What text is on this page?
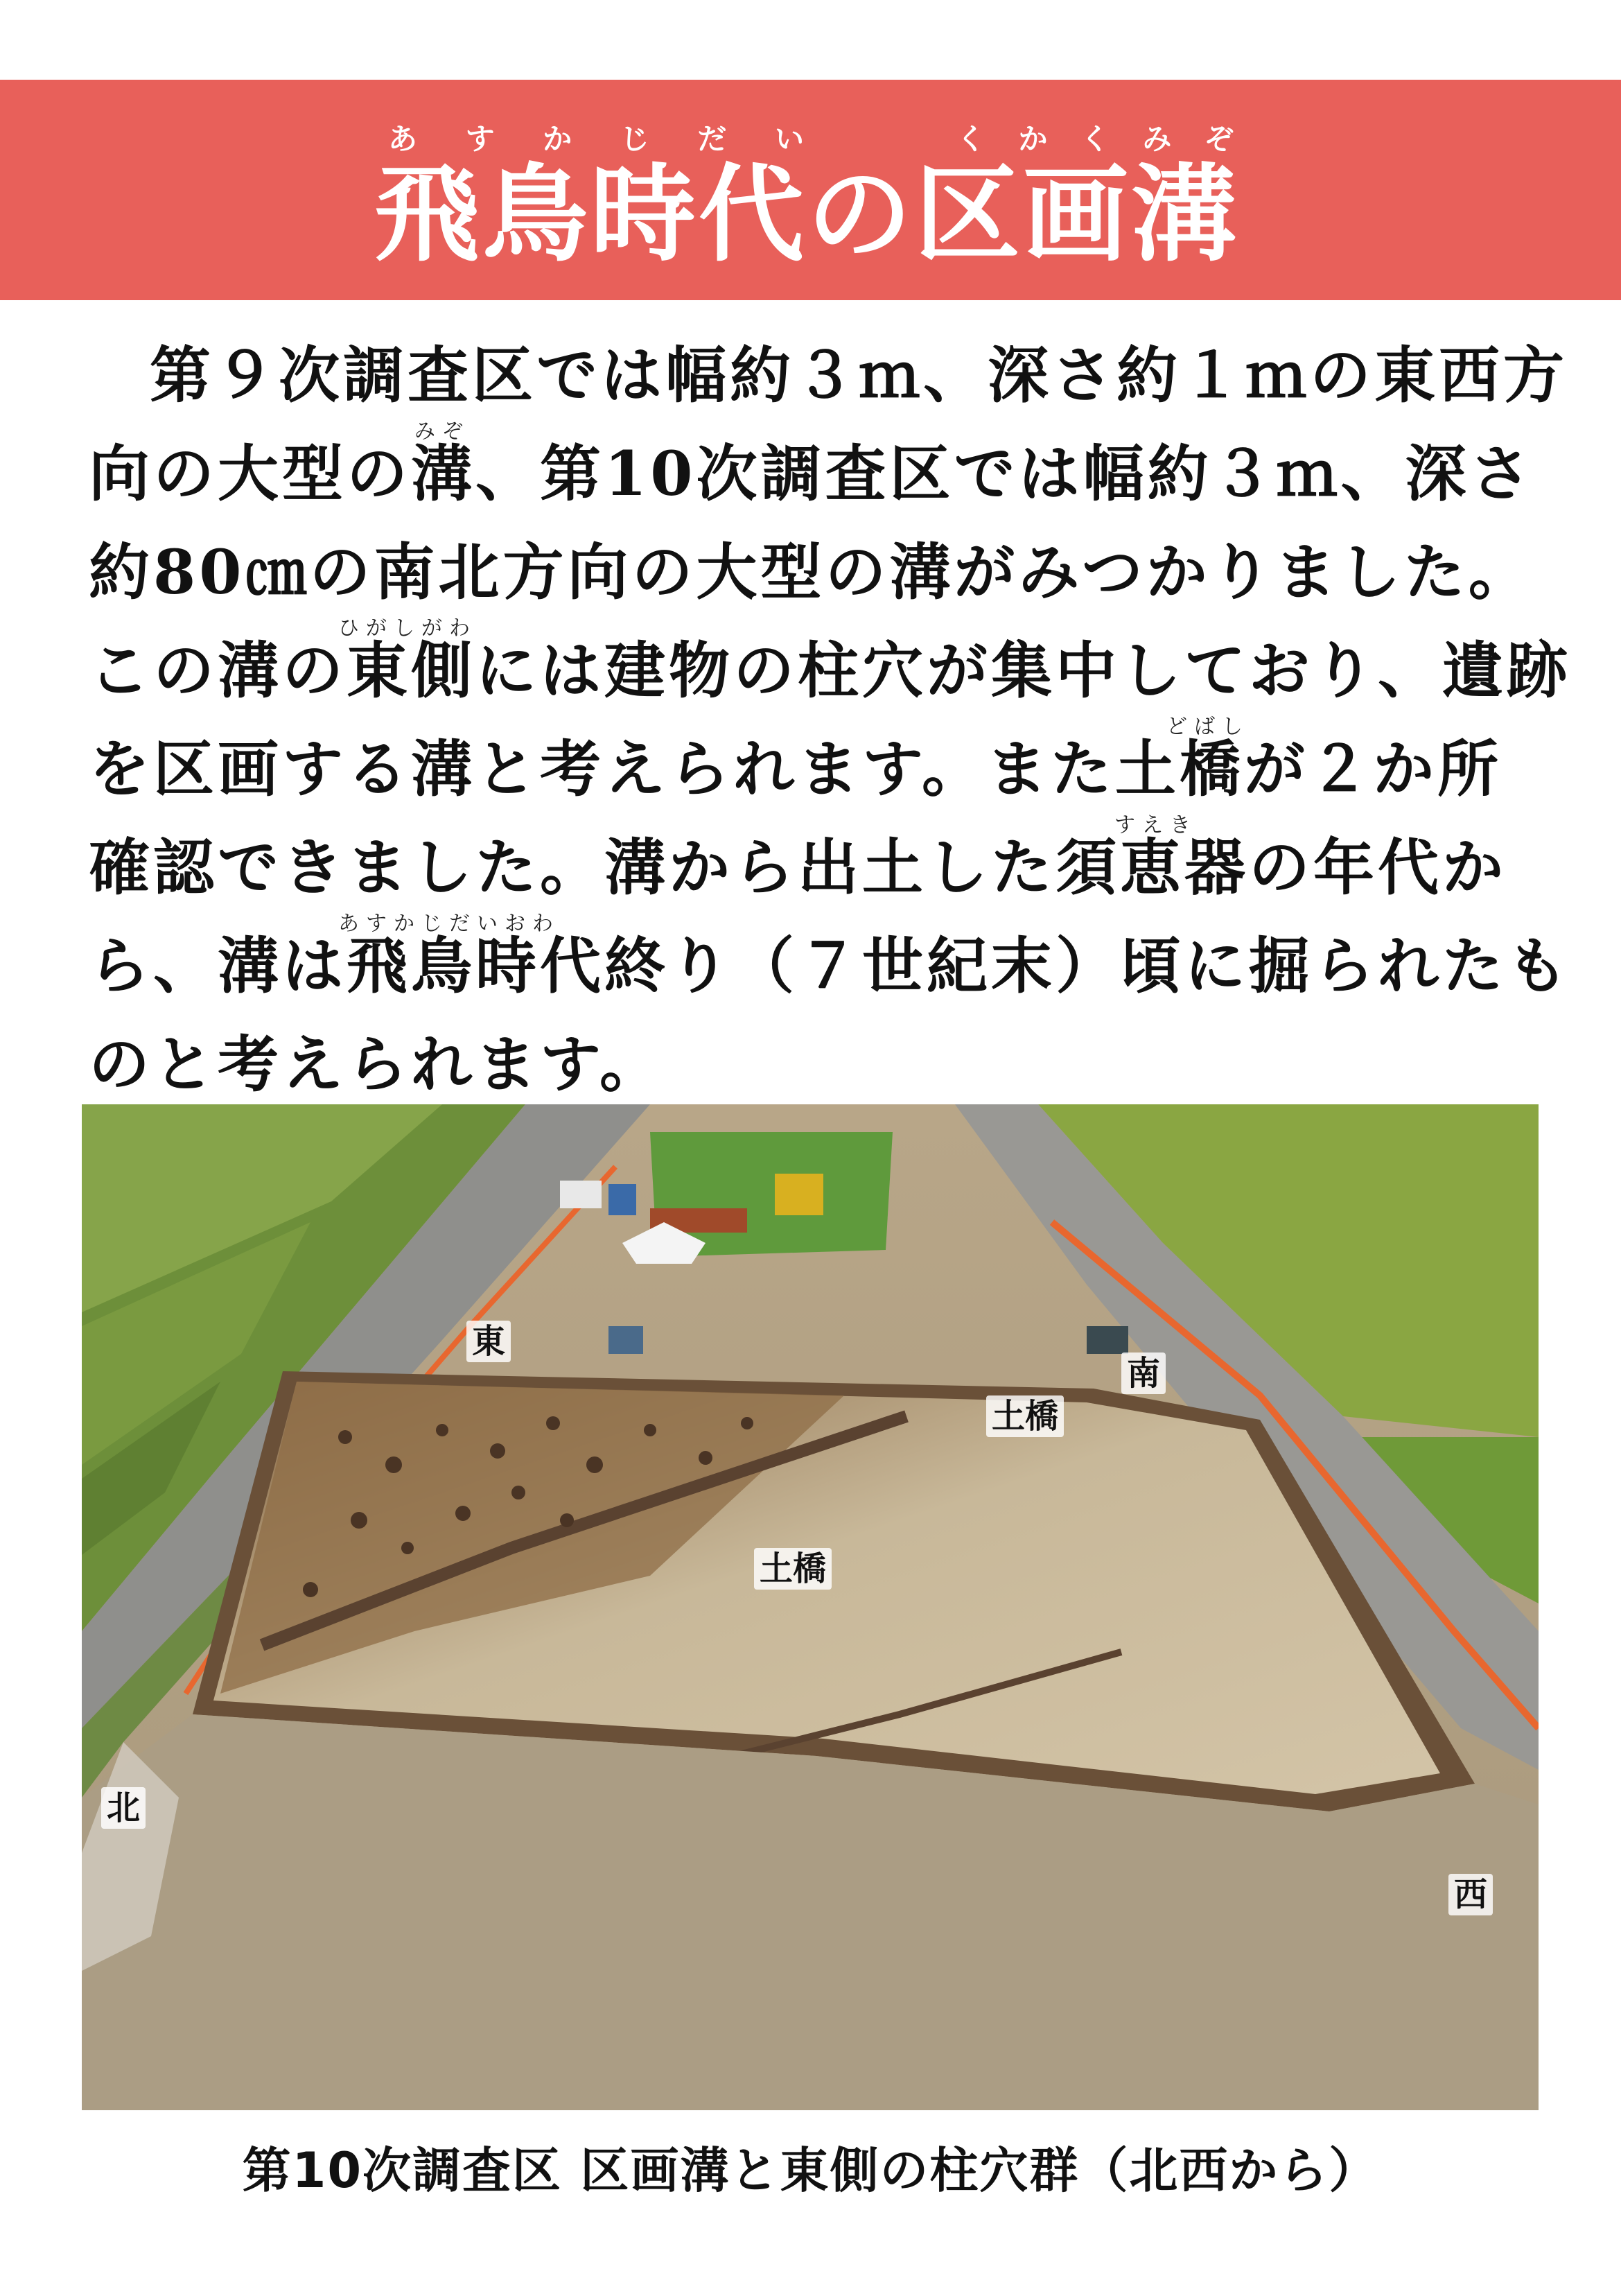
あ す か じ だ い	く か く み ぞ
飛鳥時代の区画溝
第９次調査区では幅約３ｍ、深さ約１ｍの東西方
みぞ
向の大型の溝、第10次調査区では幅約３ｍ、深さ
約80㎝の南北方向の大型の溝がみつかりました。
ひがしがわ
この溝の東側には建物の柱穴が集中しており、遺跡
どばし
を区画する溝と考えられます。また土橋が２か所
すえき
確認できました。溝から出土した須恵器の年代か
あすかじだいおわ
ら、溝は飛鳥時代終り（７世紀末）頃に掘られたも
のと考えられます。
東
南
土橋
土橋
北
西
第10次調査区 区画溝と東側の柱穴群（北西から）
